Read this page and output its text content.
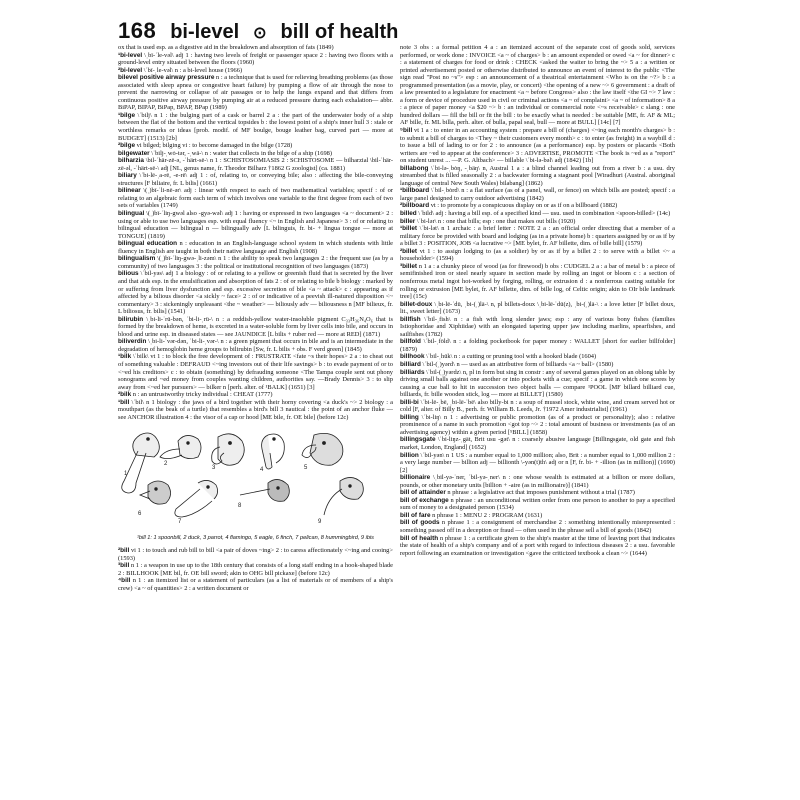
168 bi-level ⊙ bill of health

ox that is used esp. as a digestive aid in the breakdown and absorption of fats (1849)

¹bi-level \ˌbī-ˈle-vəl\ adj 1 : having two levels of freight or passenger space 2 : having two floors with a ground-level entry situated between the floors (1960)

²bi-level \ˈbī-ˌle-vəl\ n : a bi-level house (1966)

bilevel positive airway pressure n : a technique that is used for relieving breathing problems (as those associated with sleep apnea or congestive heart failure) by pumping a flow of air through the nose to prevent the narrowing or collapse of air passages or to help the lungs expand and that differs from continuous positive airway pressure by pumping air at a reduced pressure during each exhalation— abbr. BiPAP, BIPAP, BiPap, BPAP, BPap (1989)

¹bilge \ˈbilj\ n 1 : the bulging part of a cask or barrel 2 a : the part of the underwater body of a ship between the flat of the bottom and the vertical topsides b : the lowest point of a ship's inner hull 3 : stale or worthless remarks or ideas [prob. modif. of MF boulge, bouge leather bag, curved part — more at BUDGET] (1513) [2b]

²bilge vi bilged; bilging vi : to become damaged in the bilge (1728)

bilgewater \ˈbilj-ˌwȯ-tər, -ˌwä-\ n : water that collects in the bilge of a ship (1698)

bilharzia \bil-ˈhär-zē-ə, -ˈhärt-sē-\ n 1 : SCHISTOSOMIASIS 2 : SCHISTOSOME — bilharzial \bil-ˈhär-zē-əl, -ˈhärt-sē-\ adj [NL, genus name, fr. Theodor Bilharz †1862 G zoologist] (ca. 1881)

biliary \ˈbi-lē-ˌa-rē, -e-rē\ adj 1 : of, relating to, or conveying bile; also : affecting the bile-conveying structures [F biliaire, fr. L bilis] (1661)

bilinear \(ˌ)bī-ˈli-nē-ər\ adj : linear with respect to each of two mathematical variables; specif : of or relating to an algebraic form each term of which involves one variable to the first degree from each of two sets of variables (1749)

bilingual \(ˌ)bī-ˈliŋ-gwəl also -gyə-wəl\ adj 1 : having or expressed in two languages <a ~ document> 2 : using or able to use two languages esp. with equal fluency <~ in English and Japanese> 3 : of or relating to bilingual education — bilingual n — bilingually adv [L bilinguis, fr. bi- + lingua tongue — more at TONGUE] (1819)

bilingual education n : education in an English-language school system in which students with little fluency in English are taught in both their native language and English (1908)

bilingualism \(ˌ)bī-ˈliŋ-gwə-ˌli-zəm\ n 1 : the ability to speak two languages 2 : the frequent use (as by a community) of two languages 3 : the political or institutional recognition of two languages (1873)

bilious \ˈbil-yəs\ adj 1 a biology : of or relating to a yellow or greenish fluid that is secreted by the liver and that aids esp. in the emulsification and absorption of fats 2 : of or relating to bile b biology : marked by or suffering from liver dysfunction and esp. excessive secretion of bile <a ~ attack> c : appearing as if affected by a bilious disorder <a sickly ~ face> 2 : of or indicative of a peevish ill-natured disposition <~ commentary> 3 : sickeningly unpleasant <the ~ weather> — biliously adv — biliousness n [MF bilieux, fr. L biliosus, fr. bilis] (1541)

bilirubin \ˌbi-li-ˈrü-bən, ˈbi-li-ˌrü-\ n : a reddish-yellow water-insoluble pigment C₃₃H₃₆N₄O₆ that is formed by the breakdown of heme, is excreted in a water-soluble form by liver cells into bile, and occurs in blood and urine esp. in diseased states — see JAUNDICE [L bilis + ruber red — more at RED] (1871)

biliverdin \ˌbi-li-ˈvər-dən, ˈbi-li-ˌvər-\ n : a green pigment that occurs in bile and is an intermediate in the degradation of hemoglobin heme groups to bilirubin [Sw, fr. L bilis + obs. F verd green] (1845)

¹bilk \ˈbilk\ vt 1 : to block the free development of : FRUSTRATE <fate ~s their hopes> 2 a : to cheat out of something valuable : DEFRAUD <~ing investors out of their life savings> b : to evade payment of or to <~ed his creditors> c : to obtain (something) by defrauding someone <The Tampa couple sent out phony sonograms and ~ed money from couples wanting children, authorities say. —Brady Dennis> 3 : to slip away from <~ed her pursuers> — bilker n [perh. alter. of ¹BALK] (1651) [3]

²bilk n : an untrustworthy tricky individual : CHEAT (1777)

¹bill \ˈbil\ n 1 biology : the jaws of a bird together with their horny covering <a duck's ~> 2 biology : a mouthpart (as the beak of a turtle) that resembles a bird's bill 3 nautical : the point of an anchor fluke — see ANCHOR illustration 4 : the visor of a cap or hood [ME bile, fr. OE bile] (before 12c)

1
2
3	4	5
6
7
8
9
¹bill 1: 1 spoonbill, 2 duck, 3 parrot, 4 flamingo, 5 eagle, 6 finch, 7 pelican, 8 hummingbird, 9 ibis

²bill vi 1 : to touch and rub bill to bill <a pair of doves ~ing> 2 : to caress affectionately <~ing and cooing> (1593)

³bill n 1 : a weapon in use up to the 18th century that consists of a long staff ending in a hook-shaped blade 2 : BILLHOOK [ME bil, fr. OE bill sword; akin to OHG bill pickaxe] (before 12c)

⁴bill n 1 : an itemized list or a statement of particulars (as a list of materials or of members of a ship's crew) <a ~ of quantities> 2 : a written document or

note 3 obs : a formal petition 4 a : an itemized account of the separate cost of goods sold, services performed, or work done : INVOICE <a ~ of charges> b : an amount expended or owed <a ~ for dinner> c : a statement of charges for food or drink : CHECK <asked the waiter to bring the ~> 5 a : a written or printed advertisement posted or otherwise distributed to announce an event of interest to the public <The sign read "Post no ~s"> esp : an announcement of a theatrical entertainment <Who is on the ~?> b : a programmed presentation (as a movie, play, or concert) <the opening of a new ~> 6 government : a draft of a law presented to a legislature for enactment <a ~ before Congress> also : the law itself <the GI ~> 7 law : a form or device of procedure used in civil or criminal actions <a ~ of complaint> <a ~ of information> 8 a : a piece of paper money <a $20 ~> b : an individual or commercial note <~s receivable> c slang : one hundred dollars — fill the bill or fit the bill : to be exactly what is needed : be suitable [ME, fr. AF & ML; AF bille, fr. ML billa, perh. alter. of bulla, papal seal, bull — more at BULL] [14c] [7]

⁵bill vt 1 a : to enter in an accounting system : prepare a bill of (charges) <~ing each month's charges> b : to submit a bill of charges to <They ~ their customers every month> c : to enter (as freight) in a waybill d : to issue a bill of lading to or for 2 : to announce (as a performance) esp. by posters or placards <Both writers are ~ed to appear at the conference> 3 : ADVERTISE, PROMOTE <The book is ~ed as a "report" on student unrest ... —P. G. Altbach> — billable \ˈbi-lə-bəl\ adj (1842) [1b]

billabong \ˈbi-lə-ˌbȯŋ, -ˌbäŋ\ n, Austral 1 a : a blind channel leading out from a river b : a usu. dry streambed that is filled seasonally 2 : a backwater forming a stagnant pool [Wiradhuri (Austral. aboriginal language of central New South Wales) bilabang] (1862)

¹billboard \ˈbil-ˌbȯrd\ n : a flat surface (as of a panel, wall, or fence) on which bills are posted; specif : a large panel designed to carry outdoor advertising (1842)

²billboard vt : to promote by a conspicuous display on or as if on a billboard (1882)

billed \ˈbild\ adj : having a bill esp. of a specified kind — usu. used in combination <spoon-billed> (14c)

biller \ˈbi-lər\ n : one that bills; esp : one that makes out bills (1920)

¹billet \ˈbi-lət\ n 1 archaic : a brief letter : NOTE 2 a : an official order directing that a member of a military force be provided with board and lodging (as in a private home) b : quarters assigned by or as if by a billet 3 : POSITION, JOB <a lucrative ~> [ME bylet, fr. AF billette, dim. of bille bill] (1579)

²billet vt 1 : to assign lodging to (as a soldier) by or as if by a billet 2 : to serve with a billet <~ a householder> (1594)

³billet n 1 a : a chunky piece of wood (as for firewood) b obs : CUDGEL 2 a : a bar of metal b : a piece of semifinished iron or steel nearly square in section made by rolling an ingot or bloom c : a section of nonferrous metal ingot hot-worked by forging, rolling, or extrusion d : a nonferrous casting suitable for rolling or extrusion [ME bylet, fr. AF billette, dim. of bille log, of Celtic origin; akin to OIr bile landmark tree] (15c)

billet-doux \ˌbi-lē-ˈdü, ˌbi-(ˌ)lā-\ n, pl billets-doux \ˌbi-lē-ˈdü(z), ˌbi-(ˌ)lā-\ : a love letter [F billet doux, lit., sweet letter] (1673)

billfish \ˈbil-ˌfish\ n : a fish with long slender jaws; esp : any of various bony fishes (families Istiophoridae and Xiphiidae) with an elongated tapering upper jaw including marlins, spearfishes, and sailfishes (1782)

billfold \ˈbil-ˌfōld\ n : a folding pocketbook for paper money : WALLET [short for earlier billfolder] (1879)

billhook \ˈbil-ˌhük\ n : a cutting or pruning tool with a hooked blade (1604)

billiard \ˈbil-(ˌ)yərd\ n — used as an attributive form of billiards <a ~ ball> (1580)

billiards \ˈbil-(ˌ)yərdz\ n, pl in form but sing in constr : any of several games played on an oblong table by driving small balls against one another or into pockets with a cue; specif : a game in which one scores by causing a cue ball to hit in succession two object balls — compare ¹POOL [MF billard billiard cue, billiards, fr. bille wooden stick, log — more at BILLET] (1580)

billi-bi \ˈbi-lē-ˌbē, ˌbi-lē-ˈbē\ also billy-bi n : a soup of mussel stock, white wine, and cream served hot or cold [F, alter. of Billy B., perh. fr. William B. Leeds, Jr. †1972 Amer industrialist] (1961)

billing \ˈbi-liŋ\ n 1 : advertising or public promotion (as of a product or personality); also : relative prominence of a name in such promotion <got top ~> 2 : total amount of business or investments (as of an advertising agency) within a given period [⁵BILL] (1858)

billingsgate \ˈbi-liŋz-ˌgāt, Brit usu -gət\ n : coarsely abusive language [Billingsgate, old gate and fish market, London, England] (1652)

billion \ˈbil-yən\ n 1 US : a number equal to 1,000 million; also, Brit : a number equal to 1,000 million 2 : a very large number — billion adj — billionth \-yən(t)th\ adj or n [F, fr. bi- + -illion (as in million)] (1690) [2]

billionaire \ˌbil-yə-ˈner, ˈbil-yə-ˌner\ n : one whose wealth is estimated at a billion or more dollars, pounds, or other monetary units [billion + -aire (as in millionaire)] (1841)

bill of attainder n phrase : a legislative act that imposes punishment without a trial (1787)

bill of exchange n phrase : an unconditional written order from one person to another to pay a specified sum of money to a designated person (1534)

bill of fare n phrase 1 : MENU 2 : PROGRAM (1631)

bill of goods n phrase 1 : a consignment of merchandise 2 : something intentionally misrepresented : something passed off in a deception or fraud — often used in the phrase sell a bill of goods (1842)

bill of health n phrase 1 : a certificate given to the ship's master at the time of leaving port that indicates the state of health of a ship's company and of a port with regard to infectious diseases 2 : a usu. favorable report following an examination or investigation <gave the criticized textbook a clean ~> (1644)
